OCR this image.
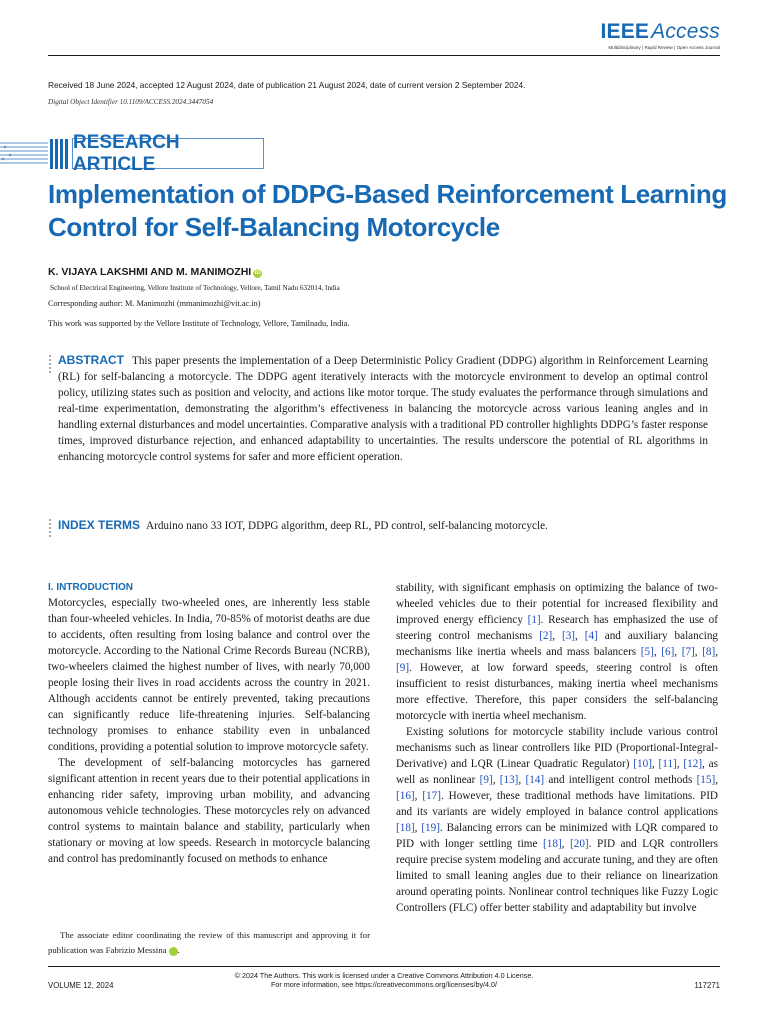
IEEEAccess
Multidisciplinary | Rapid Review | Open Access Journal
Received 18 June 2024, accepted 12 August 2024, date of publication 21 August 2024, date of current version 2 September 2024.
Digital Object Identifier 10.1109/ACCESS.2024.3447054
RESEARCH ARTICLE
Implementation of DDPG-Based Reinforcement Learning Control for Self-Balancing Motorcycle
K. VIJAYA LAKSHMI AND M. MANIMOZHI iD
School of Electrical Engineering, Vellore Institute of Technology, Vellore, Tamil Nadu 632014, India
Corresponding author: M. Manimozhi (mmanimozhi@vit.ac.in)
This work was supported by the Vellore Institute of Technology, Vellore, Tamilnadu, India.
ABSTRACT This paper presents the implementation of a Deep Deterministic Policy Gradient (DDPG) algorithm in Reinforcement Learning (RL) for self-balancing a motorcycle. The DDPG agent iteratively interacts with the motorcycle environment to develop an optimal control policy, utilizing states such as position and velocity, and actions like motor torque. The study evaluates the performance through simulations and real-time experimentation, demonstrating the algorithm’s effectiveness in balancing the motorcycle across various leaning angles and in handling external disturbances and model uncertainties. Comparative analysis with a traditional PD controller highlights DDPG’s faster response times, improved disturbance rejection, and enhanced adaptability to uncertainties. The results underscore the potential of RL algorithms in enhancing motorcycle control systems for safer and more efficient operation.
INDEX TERMS Arduino nano 33 IOT, DDPG algorithm, deep RL, PD control, self-balancing motorcycle.
I. INTRODUCTION

Motorcycles, especially two-wheeled ones, are inherently less stable than four-wheeled vehicles. In India, 70-85% of motorist deaths are due to accidents, often resulting from losing balance and control over the motorcycle. According to the National Crime Records Bureau (NCRB), two-wheelers claimed the highest number of lives, with nearly 70,000 people losing their lives in road accidents across the country in 2021. Although accidents cannot be entirely prevented, taking precautions can significantly reduce life-threatening injuries. Self-balancing technology promises to enhance stability even in unbalanced conditions, providing a potential solution to improve motorcycle safety.

The development of self-balancing motorcycles has garnered significant attention in recent years due to their potential applications in enhancing rider safety, improving urban mobility, and advancing autonomous vehicle technologies. These motorcycles rely on advanced control systems to maintain balance and stability, particularly when stationary or moving at low speeds. Research in motorcycle balancing and control has predominantly focused on methods to enhance

The associate editor coordinating the review of this manuscript and approving it for publication was Fabrizio Messina iD.

stability, with significant emphasis on optimizing the balance of two-wheeled vehicles due to their potential for increased flexibility and improved energy efficiency [1]. Research has emphasized the use of steering control mechanisms [2], [3], [4] and auxiliary balancing mechanisms like inertia wheels and mass balancers [5], [6], [7], [8], [9]. However, at low forward speeds, steering control is often insufficient to resist disturbances, making inertia wheel mechanisms more effective. Therefore, this paper considers the self-balancing motorcycle with inertia wheel mechanism.

Existing solutions for motorcycle stability include various control mechanisms such as linear controllers like PID (Proportional-Integral-Derivative) and LQR (Linear Quadratic Regulator) [10], [11], [12], as well as nonlinear [9], [13], [14] and intelligent control methods [15], [16], [17]. However, these traditional methods have limitations. PID and its variants are widely employed in balance control applications [18], [19]. Balancing errors can be minimized with LQR compared to PID with longer settling time [18], [20]. PID and LQR controllers require precise system modeling and accurate tuning, and they are often limited to small leaning angles due to their reliance on linearization around operating points. Nonlinear control techniques like Fuzzy Logic Controllers (FLC) offer better stability and adaptability but involve

© 2024 The Authors. This work is licensed under a Creative Commons Attribution 4.0 License.
For more information, see https://creativecommons.org/licenses/by/4.0/
VOLUME 12, 2024	117271
